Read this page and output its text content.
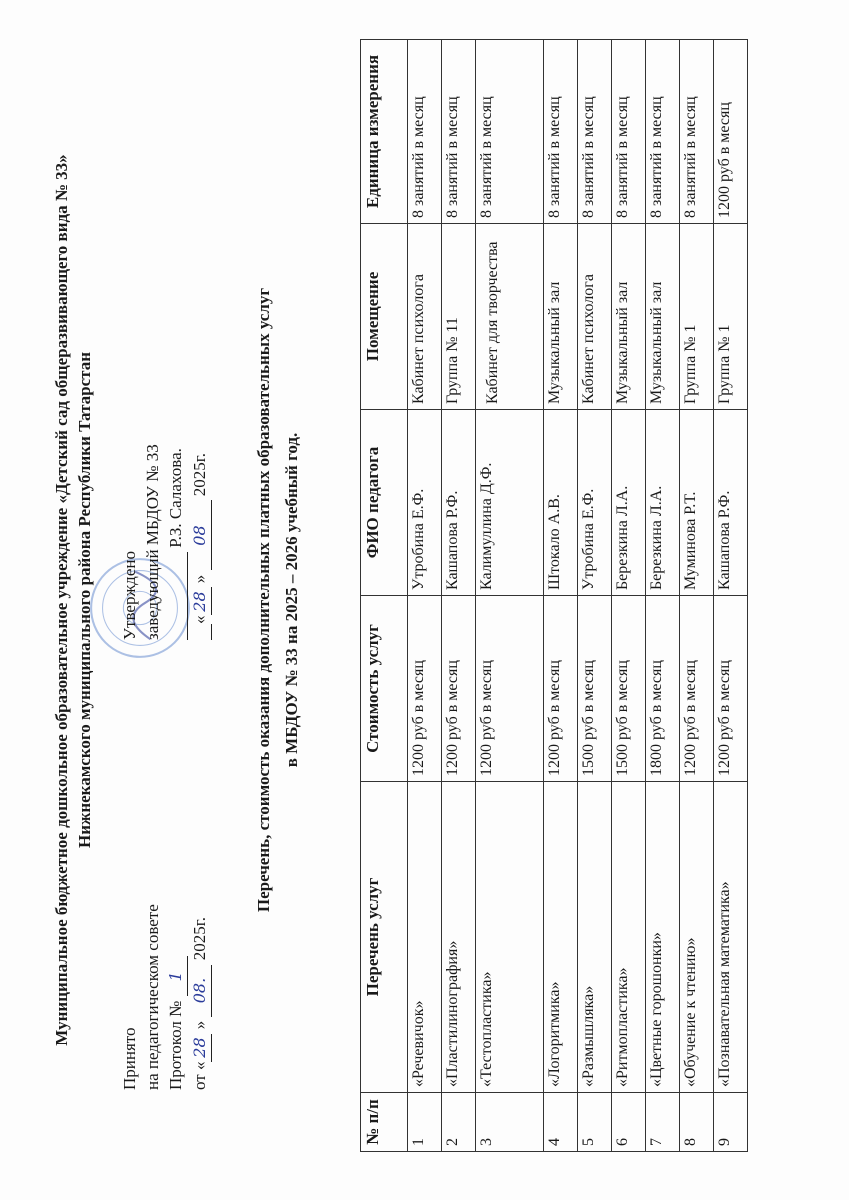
Муниципальное бюджетное дошкольное образовательное учреждение «Детский сад общеразвивающего вида № 33» Нижнекамского муниципального района Республики Татарстан
Принято на педагогическом совете Протокол № 1
от «28 » 08. 2025г.
Утверждено заведующий МБДОУ № 33 Р.З. Салахова.
«28 » 08 2025г.	Перечень, стоимость оказания дополнительных платных образовательных услуг в МБДОУ № 33 на 2025 – 2026 учебный год.
№ п/п	Перечень услуг	Стоимость услуг	ФИО педагога	Помещение	Единица измерения
1	«Речевичок»	1200 руб в месяц	Утробина Е.Ф.	Кабинет психолога	8 занятий в месяц
2	«Пластилинография»	1200 руб в месяц	Кашапова Р.Ф.	Группа № 11	8 занятий в месяц
3	«Тестопластика»	1200 руб в месяц	Калимуллина Д.Ф.	Кабинет для творчества	8 занятий в месяц
4	«Логоритмика»	1200 руб в месяц	Штокало А.В.	Музыкальный зал	8 занятий в месяц
5	«Размышляка»	1500 руб в месяц	Утробина Е.Ф.	Кабинет психолога	8 занятий в месяц
6	«Ритмопластика»	1500 руб в месяц	Березкина Л.А.	Музыкальный зал	8 занятий в месяц
7	«Цветные горошонки»	1800 руб в месяц	Березкина Л.А.	Музыкальный зал	8 занятий в месяц
8	«Обучение к чтению»	1200 руб в месяц	Муминова Р.Т.	Группа № 1	8 занятий в месяц
9	«Познавательная математика»	1200 руб в месяц	Кашапова Р.Ф.	Группа № 1	1200 руб в месяц
